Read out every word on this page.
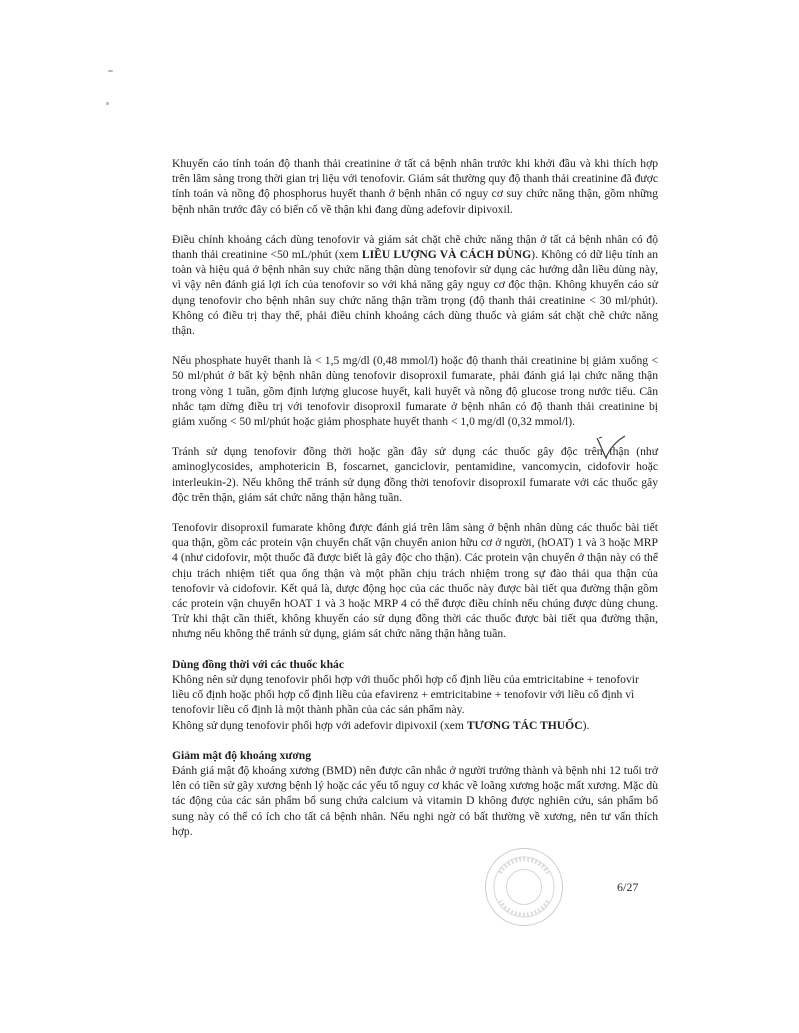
Khuyến cáo tính toán độ thanh thải creatinine ở tất cả bệnh nhân trước khi khởi đầu và khi thích hợp trên lâm sàng trong thời gian trị liệu với tenofovir. Giám sát thường quy độ thanh thải creatinine đã được tính toán và nồng độ phosphorus huyết thanh ở bệnh nhân có nguy cơ suy chức năng thận, gồm những bệnh nhân trước đây có biến cố về thận khi đang dùng adefovir dipivoxil.

Điều chỉnh khoảng cách dùng tenofovir và giám sát chặt chẽ chức năng thận ở tất cả bệnh nhân có độ thanh thải creatinine <50 mL/phút (xem LIỀU LƯỢNG VÀ CÁCH DÙNG). Không có dữ liệu tính an toàn và hiệu quả ở bệnh nhân suy chức năng thận dùng tenofovir sử dụng các hướng dẫn liều dùng này, vì vậy nên đánh giá lợi ích của tenofovir so với khả năng gây nguy cơ độc thận. Không khuyến cáo sử dụng tenofovir cho bệnh nhân suy chức năng thận trầm trọng (độ thanh thải creatinine < 30 ml/phút). Không có điều trị thay thế, phải điều chỉnh khoảng cách dùng thuốc và giám sát chặt chẽ chức năng thận.

Nếu phosphate huyết thanh là < 1,5 mg/dl (0,48 mmol/l) hoặc độ thanh thải creatinine bị giảm xuống < 50 ml/phút ở bất kỳ bệnh nhân dùng tenofovir disoproxil fumarate, phải đánh giá lại chức năng thận trong vòng 1 tuần, gồm định lượng glucose huyết, kali huyết và nồng độ glucose trong nước tiểu. Cân nhắc tạm dừng điều trị với tenofovir disoproxil fumarate ở bệnh nhân có độ thanh thải creatinine bị giảm xuống < 50 ml/phút hoặc giảm phosphate huyết thanh < 1,0 mg/dl (0,32 mmol/l).

Tránh sử dụng tenofovir đồng thời hoặc gần đây sử dụng các thuốc gây độc trên thận (như aminoglycosides, amphotericin B, foscarnet, ganciclovir, pentamidine, vancomycin, cidofovir hoặc interleukin-2). Nếu không thể tránh sử dụng đồng thời tenofovir disoproxil fumarate với các thuốc gây độc trên thận, giám sát chức năng thận hằng tuần.

Tenofovir disoproxil fumarate không được đánh giá trên lâm sàng ở bệnh nhân dùng các thuốc bài tiết qua thận, gồm các protein vận chuyển chất vận chuyển anion hữu cơ ở người, (hOAT) 1 và 3 hoặc MRP 4 (như cidofovir, một thuốc đã được biết là gây độc cho thận). Các protein vận chuyển ở thận này có thể chịu trách nhiệm tiết qua ống thận và một phần chịu trách nhiệm trong sự đào thải qua thận của tenofovir và cidofovir. Kết quả là, dược động học của các thuốc này được bài tiết qua đường thận gồm các protein vận chuyển hOAT 1 và 3 hoặc MRP 4 có thể được điều chỉnh nếu chúng được dùng chung. Trừ khi thật cần thiết, không khuyến cáo sử dụng đồng thời các thuốc được bài tiết qua đường thận, nhưng nếu không thể tránh sử dụng, giám sát chức năng thận hằng tuần.

Dùng đồng thời với các thuốc khác

Không nên sử dụng tenofovir phối hợp với thuốc phối hợp cố định liều của emtricitabine + tenofovir liều cố định hoặc phối hợp cố định liều của efavirenz + emtricitabine + tenofovir với liều cố định vì tenofovir liều cố định là một thành phần của các sản phẩm này.

Không sử dụng tenofovir phối hợp với adefovir dipivoxil (xem TƯƠNG TÁC THUỐC).

Giảm mật độ khoáng xương

Đánh giá mật độ khoáng xương (BMD) nên được cân nhắc ở người trưởng thành và bệnh nhi 12 tuổi trở lên có tiền sử gãy xương bệnh lý hoặc các yếu tố nguy cơ khác về loãng xương hoặc mất xương. Mặc dù tác động của các sản phẩm bổ sung chứa calcium và vitamin D không được nghiên cứu, sản phẩm bổ sung này có thể có ích cho tất cả bệnh nhân. Nếu nghi ngờ có bất thường về xương, nên tư vấn thích hợp.

6/27
